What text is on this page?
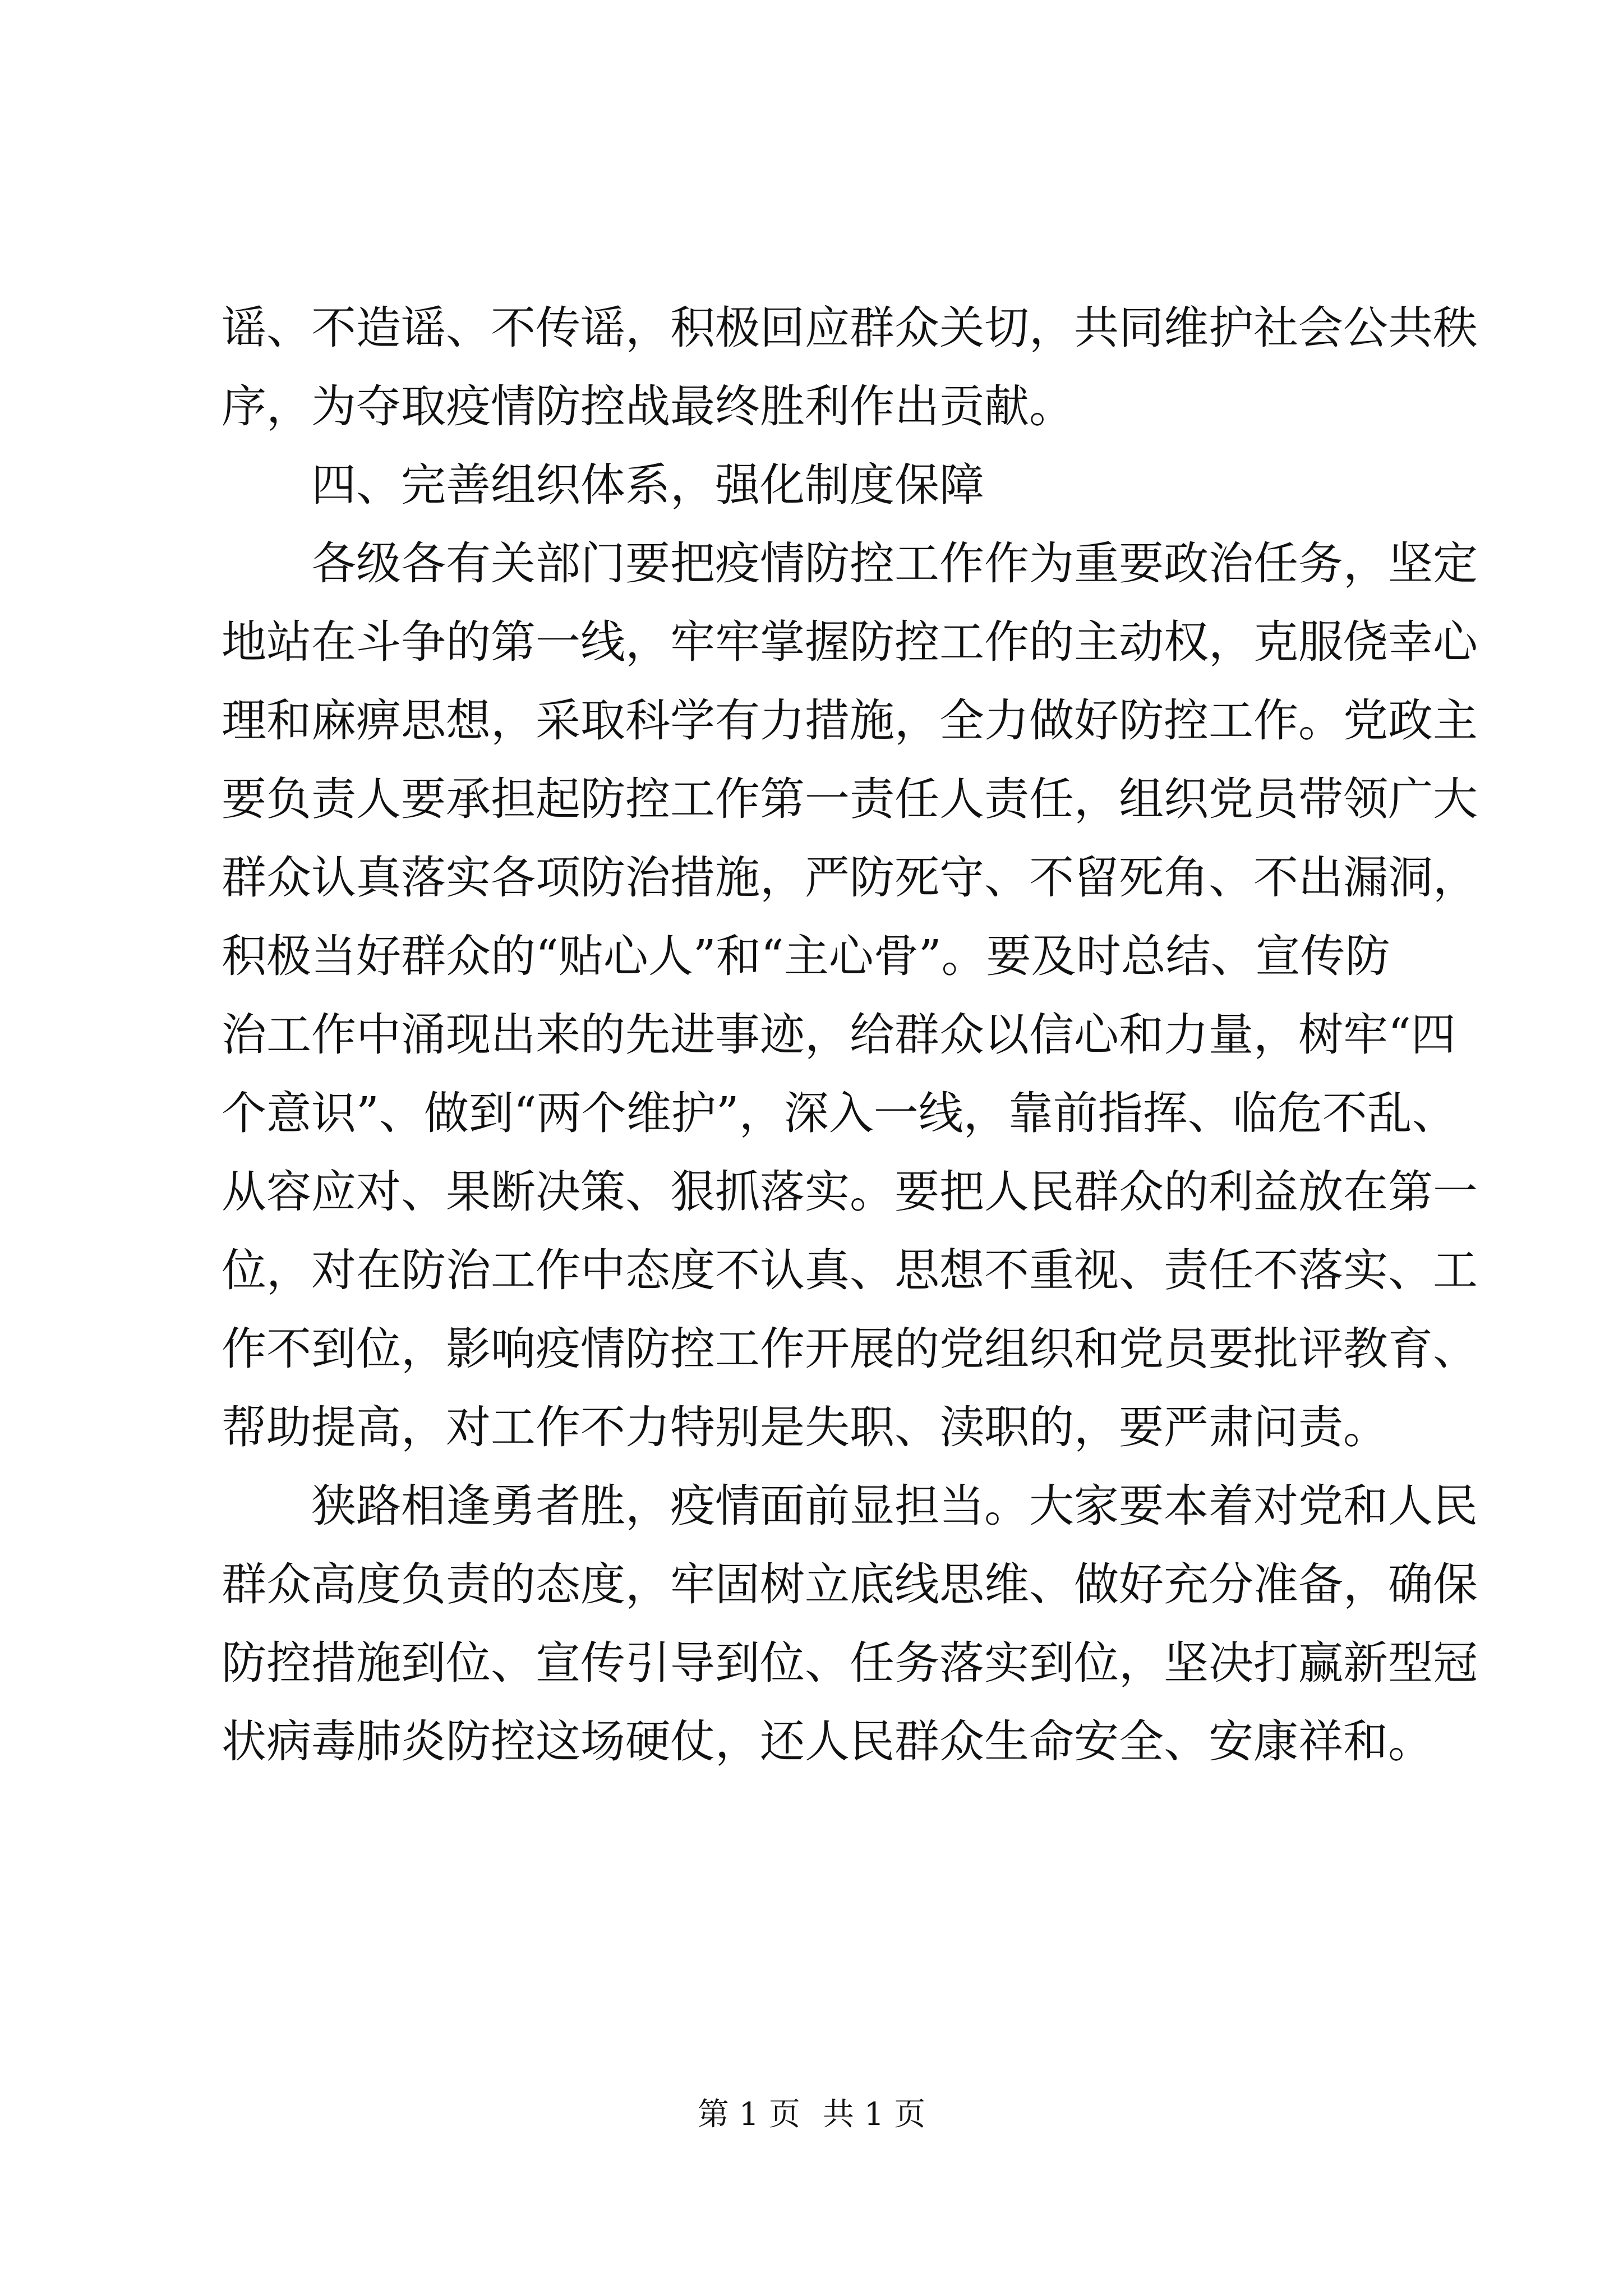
谣、不造谣、不传谣，积极回应群众关切，共同维护社会公共秩
序，为夺取疫情防控战最终胜利作出贡献。
四、完善组织体系，强化制度保障
各级各有关部门要把疫情防控工作作为重要政治任务，坚定
地站在斗争的第一线，牢牢掌握防控工作的主动权，克服侥幸心
理和麻痹思想，采取科学有力措施，全力做好防控工作。党政主
要负责人要承担起防控工作第一责任人责任，组织党员带领广大
群众认真落实各项防治措施，严防死守、不留死角、不出漏洞，
积极当好群众的“贴心人”和“主心骨”。要及时总结、宣传防
治工作中涌现出来的先进事迹，给群众以信心和力量，树牢“四
个意识”、做到“两个维护”，深入一线，靠前指挥、临危不乱、
从容应对、果断决策、狠抓落实。要把人民群众的利益放在第一
位，对在防治工作中态度不认真、思想不重视、责任不落实、工
作不到位，影响疫情防控工作开展的党组织和党员要批评教育、
帮助提高，对工作不力特别是失职、渎职的，要严肃问责。
狭路相逢勇者胜，疫情面前显担当。大家要本着对党和人民
群众高度负责的态度，牢固树立底线思维、做好充分准备，确保
防控措施到位、宣传引导到位、任务落实到位，坚决打赢新型冠
状病毒肺炎防控这场硬仗，还人民群众生命安全、安康祥和。
第 1 页 共 1 页
